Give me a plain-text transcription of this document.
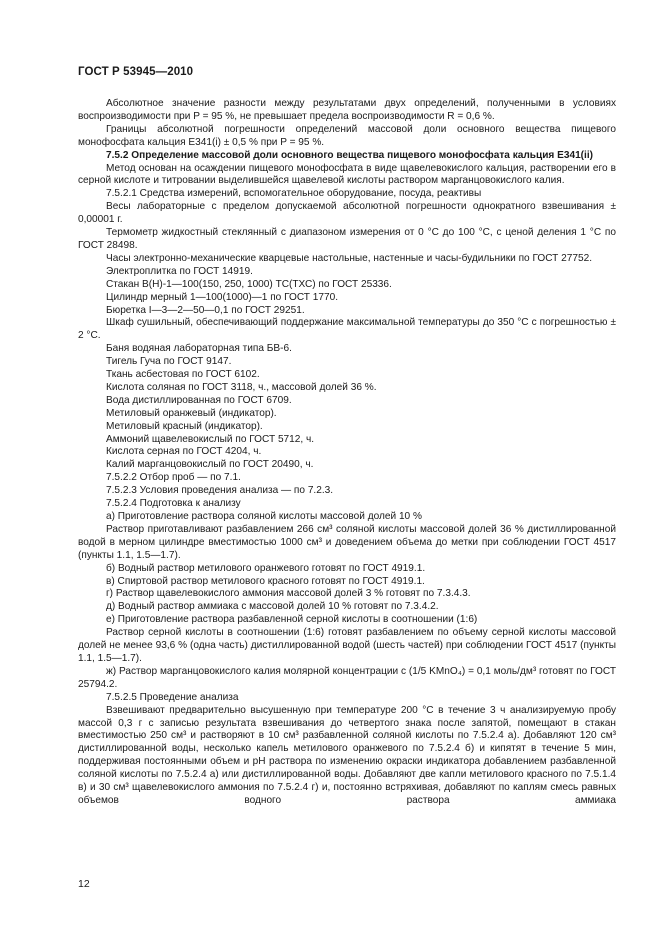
ГОСТ Р 53945—2010

Абсолютное значение разности между результатами двух определений, полученными в условиях воспроизводимости при P = 95 %, не превышает предела воспроизводимости R = 0,6 %.

Границы абсолютной погрешности определений массовой доли основного вещества пищевого монофосфата кальция Е341(i) ± 0,5 % при P = 95 %.

7.5.2 Определение массовой доли основного вещества пищевого монофосфата кальция Е341(ii)

Метод основан на осаждении пищевого монофосфата в виде щавелевокислого кальция, растворении его в серной кислоте и титровании выделившейся щавелевой кислоты раствором марганцовокислого калия.

7.5.2.1 Средства измерений, вспомогательное оборудование, посуда, реактивы

Весы лабораторные с пределом допускаемой абсолютной погрешности однократного взвешивания ± 0,00001 г.

Термометр жидкостный стеклянный с диапазоном измерения от 0 °C до 100 °C, с ценой деления 1 °C по ГОСТ 28498.

Часы электронно-механические кварцевые настольные, настенные и часы-будильники по ГОСТ 27752.

Электроплитка по ГОСТ 14919.

Стакан В(Н)-1—100(150, 250, 1000) ТС(ТХС) по ГОСТ 25336.

Цилиндр мерный 1—100(1000)—1 по ГОСТ 1770.

Бюретка I—3—2—50—0,1 по ГОСТ 29251.

Шкаф сушильный, обеспечивающий поддержание максимальной температуры до 350 °C с погрешностью ± 2 °C.

Баня водяная лабораторная типа БВ-6.

Тигель Гуча по ГОСТ 9147.

Ткань асбестовая по ГОСТ 6102.

Кислота соляная по ГОСТ 3118, ч., массовой долей 36 %.

Вода дистиллированная по ГОСТ 6709.

Метиловый оранжевый (индикатор).

Метиловый красный (индикатор).

Аммоний щавелевокислый по ГОСТ 5712, ч.

Кислота серная по ГОСТ 4204, ч.

Калий марганцовокислый по ГОСТ 20490, ч.

7.5.2.2 Отбор проб — по 7.1.

7.5.2.3 Условия проведения анализа — по 7.2.3.

7.5.2.4 Подготовка к анализу

а) Приготовление раствора соляной кислоты массовой долей 10 %

Раствор приготавливают разбавлением 266 см³ соляной кислоты массовой долей 36 % дистиллированной водой в мерном цилиндре вместимостью 1000 см³ и доведением объема до метки при соблюдении ГОСТ 4517 (пункты 1.1, 1.5—1.7).

б) Водный раствор метилового оранжевого готовят по ГОСТ 4919.1.

в) Спиртовой раствор метилового красного готовят по ГОСТ 4919.1.

г) Раствор щавелевокислого аммония массовой долей 3 % готовят по 7.3.4.3.

д) Водный раствор аммиака с массовой долей 10 % готовят по 7.3.4.2.

е) Приготовление раствора разбавленной серной кислоты в соотношении (1:6)

Раствор серной кислоты в соотношении (1:6) готовят разбавлением по объему серной кислоты массовой долей не менее 93,6 % (одна часть) дистиллированной водой (шесть частей) при соблюдении ГОСТ 4517 (пункты 1.1, 1.5—1.7).

ж) Раствор марганцовокислого калия молярной концентрации c (1/5 KMnO₄) = 0,1 моль/дм³ готовят по ГОСТ 25794.2.

7.5.2.5 Проведение анализа

Взвешивают предварительно высушенную при температуре 200 °C в течение 3 ч анализируемую пробу массой 0,3 г с записью результата взвешивания до четвертого знака после запятой, помещают в стакан вместимостью 250 см³ и растворяют в 10 см³ разбавленной соляной кислоты по 7.5.2.4 а). Добавляют 120 см³ дистиллированной воды, несколько капель метилового оранжевого по 7.5.2.4 б) и кипятят в течение 5 мин, поддерживая постоянными объем и pH раствора по изменению окраски индикатора добавлением разбавленной соляной кислоты по 7.5.2.4 а) или дистиллированной воды. Добавляют две капли метилового красного по 7.5.1.4 в) и 30 см³ щавелевокислого аммония по 7.5.2.4 г) и, постоянно встряхивая, добавляют по каплям смесь равных объемов водного раствора аммиака

12
